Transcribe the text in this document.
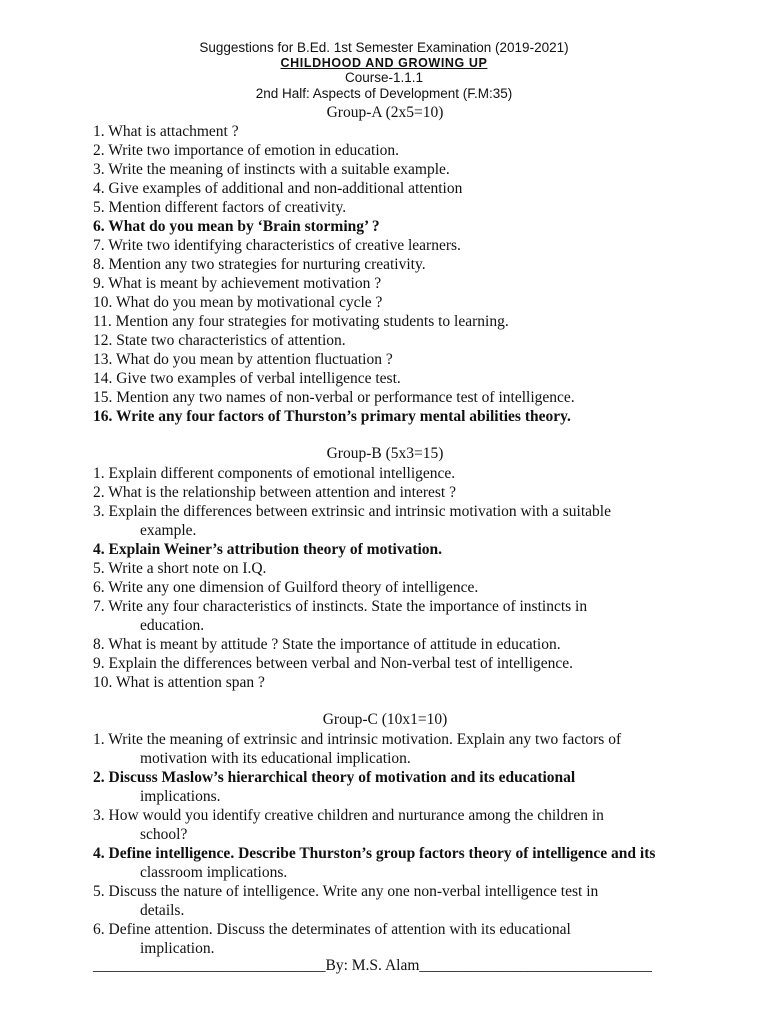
Suggestions for B.Ed. 1st Semester Examination (2019-2021)
CHILDHOOD AND GROWING UP
Course-1.1.1
2nd Half: Aspects of Development (F.M:35)
Group-A (2x5=10)
1. What is attachment ?
2. Write two importance of emotion in education.
3. Write the meaning of instincts with a suitable example.
4. Give examples of additional and non-additional attention
5. Mention different factors of creativity.
6. What do you mean by ‘Brain storming’ ?
7. Write two identifying characteristics of creative learners.
8. Mention any two strategies for nurturing creativity.
9. What is meant by achievement motivation ?
10. What do you mean by motivational cycle ?
11. Mention any four strategies for motivating students to learning.
12. State two characteristics of attention.
13. What do you mean by attention fluctuation ?
14. Give two examples of verbal intelligence test.
15. Mention any two names of non-verbal or performance test of intelligence.
16. Write any four factors of Thurston’s primary mental abilities theory.
Group-B (5x3=15)
1. Explain different components of emotional intelligence.
2. What is the relationship between attention and interest ?
3. Explain the differences between extrinsic and intrinsic motivation with a suitable
example.
4. Explain Weiner’s attribution theory of motivation.
5. Write a short note on I.Q.
6. Write any one dimension of Guilford theory of intelligence.
7. Write any four characteristics of instincts. State the importance of instincts in
education.
8. What is meant by attitude ? State the importance of attitude in education.
9. Explain the differences between verbal and Non-verbal test of intelligence.
10. What is attention span ?
Group-C (10x1=10)
1. Write the meaning of extrinsic and intrinsic motivation. Explain any two factors of
motivation with its educational implication.
2. Discuss Maslow’s hierarchical theory of motivation and its educational
implications.
3. How would you identify creative children and nurturance among the children in
school?
4. Define intelligence. Describe Thurston’s group factors theory of intelligence and its
classroom implications.
5. Discuss the nature of intelligence. Write any one non-verbal intelligence test in
details.
6. Define attention. Discuss the determinates of attention with its educational
implication.
______________________________By: M.S. Alam______________________________
